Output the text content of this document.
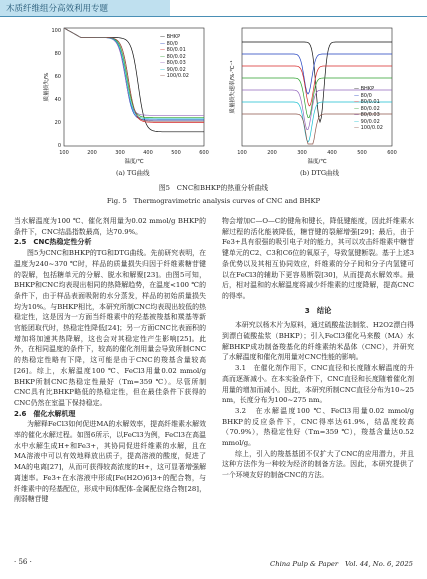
木质纤维组分高效利用专题
100
80
60
40
20
0
100	200	300	400	500	600
温度/℃
质量损失/%
— BHKP
— 80/0
— 80/0.01
— 80/0.02
— 80/0.03
— 90/0.02
— 100/0.02
(a) TG曲线
100	200	300	400	500	600
温度/℃
质量损失速率/%·℃⁻¹	— BHKP
— 80/0
— 80/0.01
— 80/0.02
— 80/0.03
— 90/0.02
— 100/0.02
(b) DTG曲线
图5　CNC和BHKP的热重分析曲线
Fig. 5　Thermogravimetric analysis curves of CNC and BHKP

当水解温度为100 ℃、催化剂用量为0.02 mmol/g BHKP的条件下，CNC结晶指数最高，达70.9%。

2.5　CNC热稳定性分析

图5为CNC和BHKP的TG和DTG曲线。先前研究表明，在温度为240~370 ℃时，样品的质量损失归因于纤维素糖苷键的裂解，包括糖单元的分解、脱水和解聚[23]。由图5可知，BHKP和CNC均表现出相同的热降解趋势，在温度<100 ℃的条件下，由于样品表面吸附的水分蒸发，样品的初始质量损失均为10%。与BHKP相比，本研究所制CNC均表现出较低的热稳定性，这是因为一方面当纤维素中的羟基被羧基和羰基等新官能团取代时，热稳定性降低[24]；另一方面CNC比表面积的增加将加速其热降解，这也会对其稳定性产生影响[25]。此外，在相同温度的条件下，较高的催化剂用量会导致所制CNC的热稳定性略有下降，这可能是由于CNC的羧基含量较高[26]。综上，水解温度100 ℃、FeCl3用量0.02 mmol/g BHKP所制CNC热稳定性最好（Tm=359 ℃）。尽管所制CNC具有比BHKP略低的热稳定性，但在最佳条件下获得的CNC仍然在室温下保持稳定。

2.6　催化水解机理

为解释FeCl3如何促进MA的水解效率，提高纤维素水解效率的催化水解过程。如图6所示，以FeCl3为例，FeCl3在高温水中水解生成H+和Fe3+，其协同促进纤维素的水解，且在MA溶液中可以有效地释放出质子，提高溶液的酸度，促进了MA的电离[27]，从而可获得较高浓度的H+，这可显著增强解离速率。Fe3+在水溶液中形成[Fe(H2O)6]3+的配合物，与纤维素中的羟基配位，形成中间体配体-金属配位络合物[28]，削弱糖苷键

物会增加C—O—C的键角和键长，降低键能度，因此纤维素水解过程的活化能被降低，糖苷键的裂解增强[29]；最后，由于Fe3+具有很强的吸引电子对的能力，其可以攻击纤维素中糖苷键单元的C2、C3和C6位的氧原子，导致氢键断裂。基于上述3条优势以及其相互协同效应，纤维素的分子间和分子内氢键可以在FeCl3的辅助下更容易断裂[30]，从而提高水解效率。最后，相对温和的水解温度将减少纤维素的过度降解，提高CNC的得率。

3　结论

本研究以杨木片为原料，通过硫酸盐法制浆、H2O2漂白得到漂白硫酸盐浆（BHKP）；引入FeCl3催化马来酸（MA）水解BHKP成功制备羧基化的纤维素纳米晶体（CNC），并研究了水解温度和催化剂用量对CNC性能的影响。

3.1　在催化剂作用下，CNC直径和长度随水解温度的升高而逐渐减小。在本实验条件下，CNC直径和长度随着催化剂用量的增加而减小。因此，本研究所制CNC直径分布为10~25 nm，长度分布为100~275 nm。

3.2　在水解温度100 ℃、FeCl3用量0.02 mmol/g BHKP的反应条件下，CNC得率达61.9%，结晶度较高（70.9%），热稳定性好（Tm=359 ℃），羧基含量达0.52 mmol/g。

综上，引入的羧基基团不仅扩大了CNC的应用潜力，并且这种方法作为一种较为经济的制备方法。因此，本研究提供了一个环境友好的制备CNC的方法。

· 56 ·	China Pulp & Paper　Vol. 44, No. 6, 2025
